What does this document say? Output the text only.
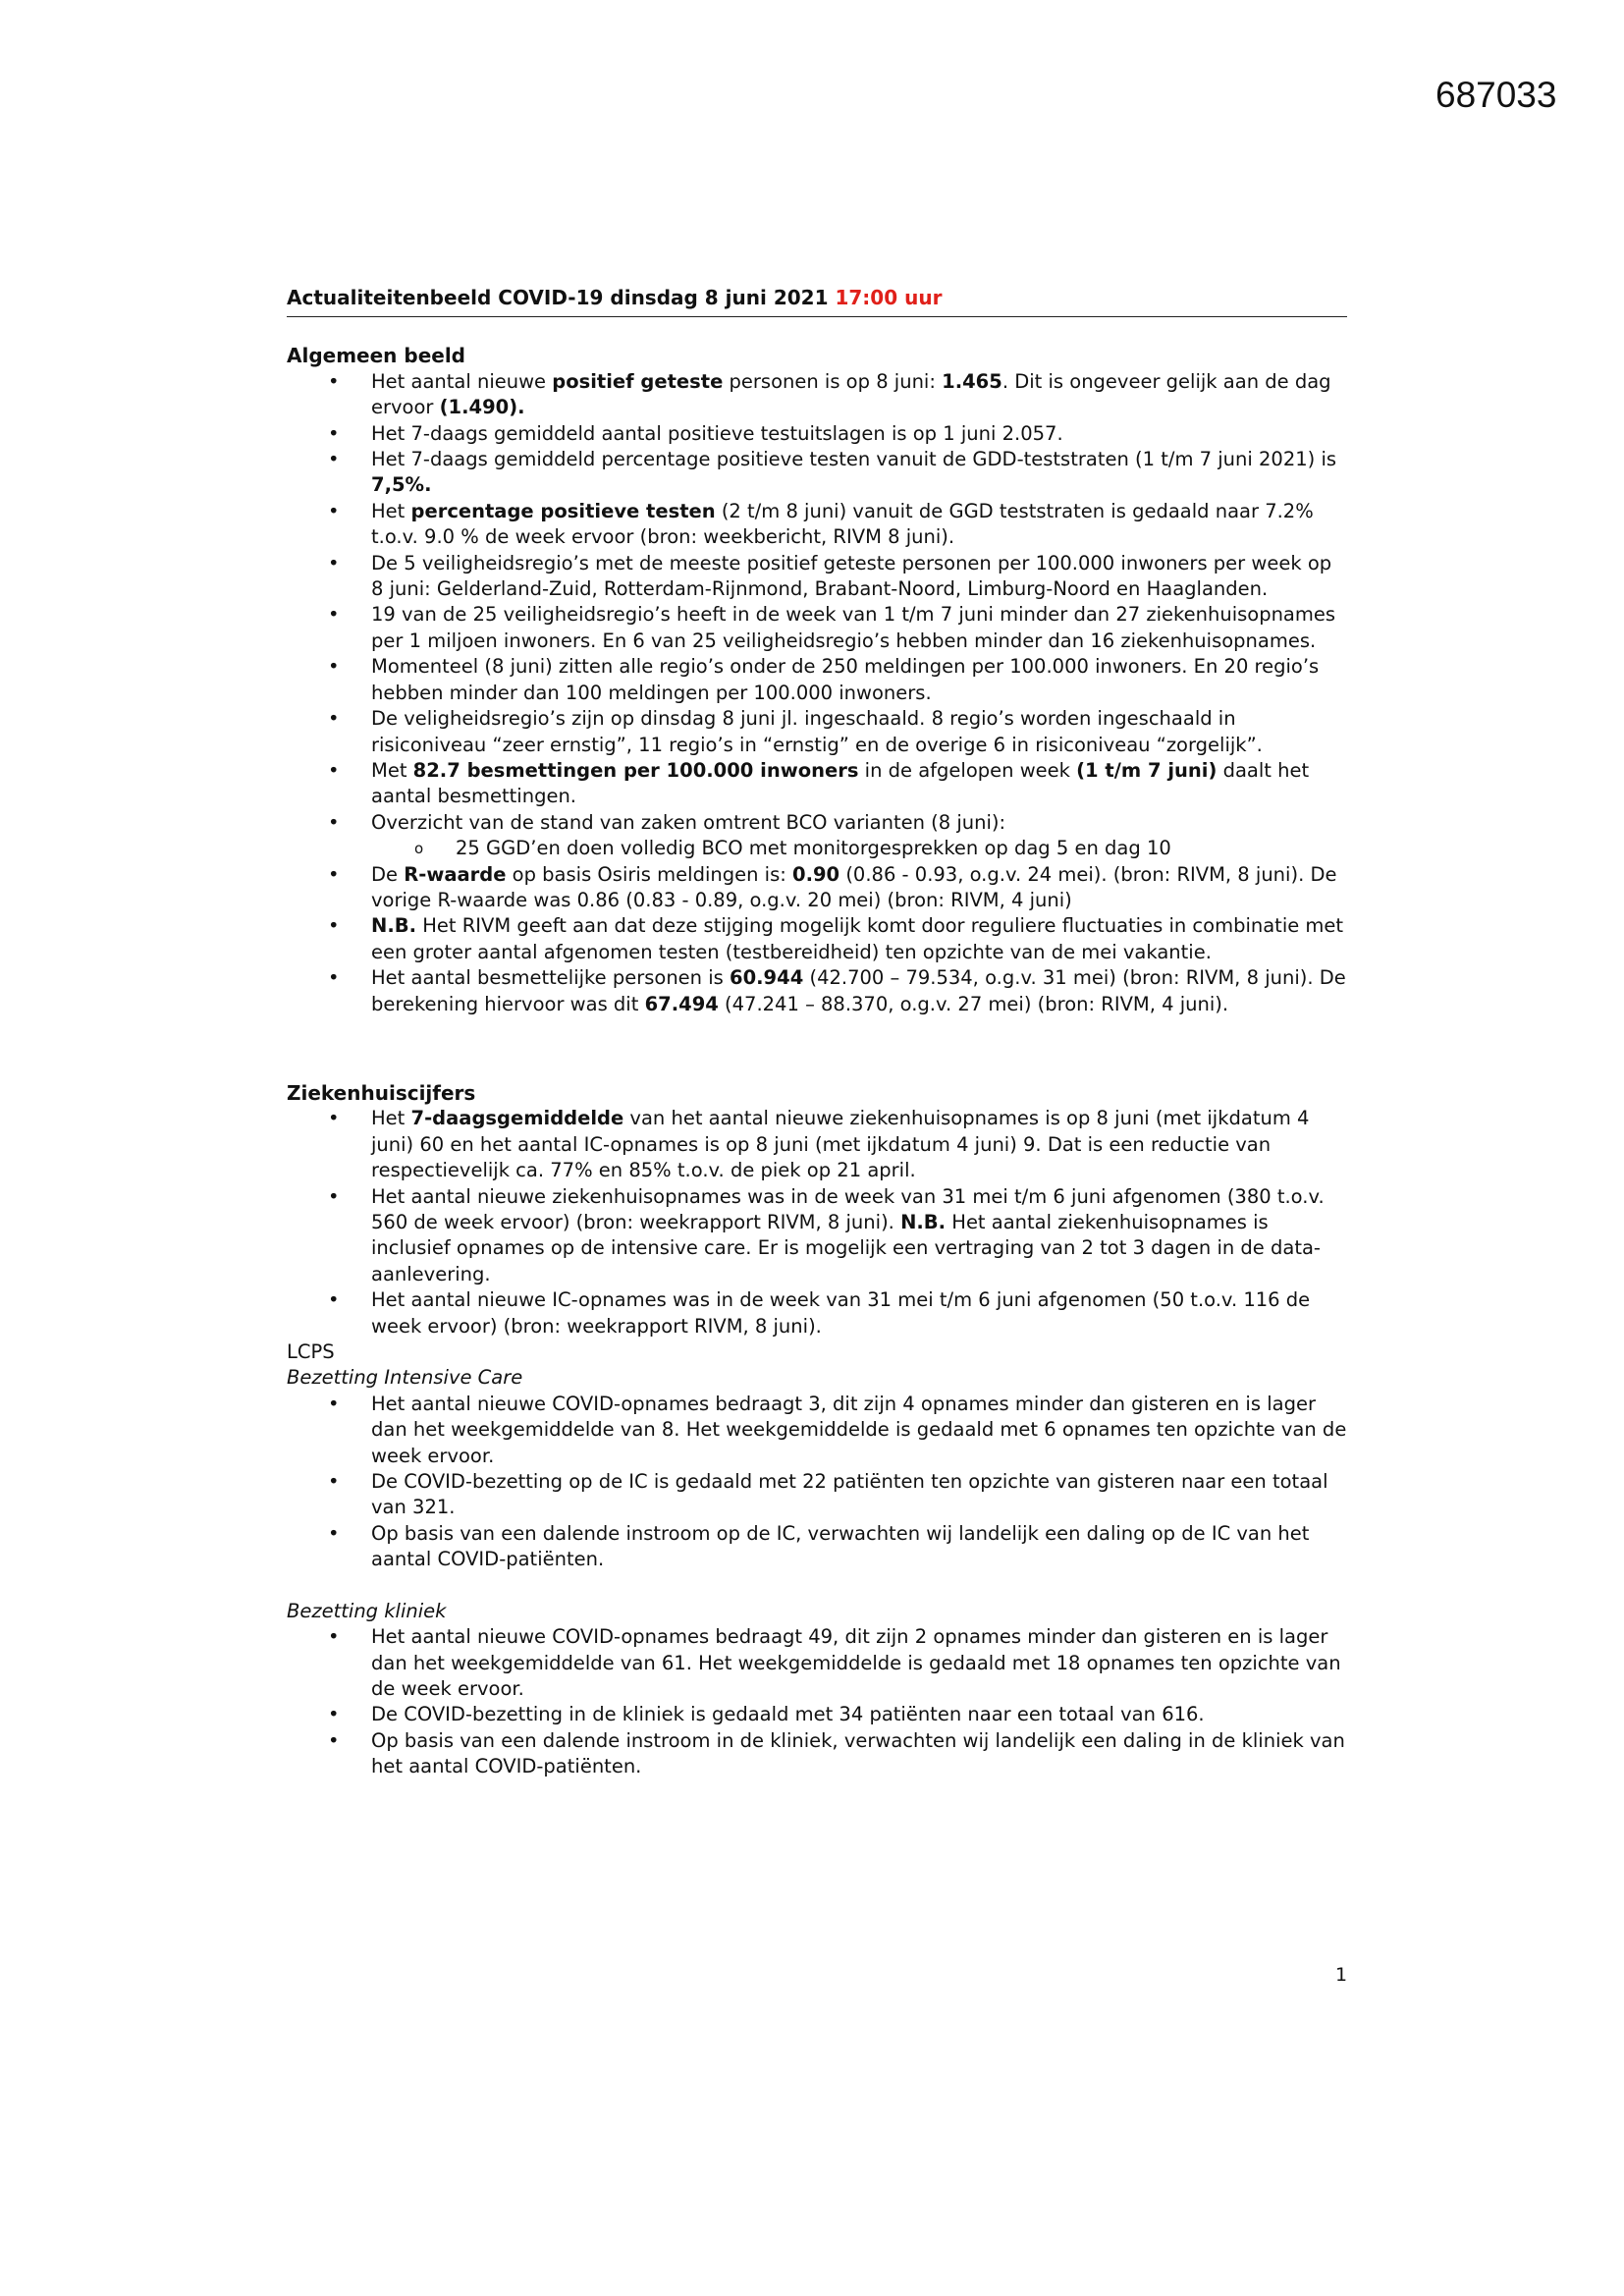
687033
Actualiteitenbeeld COVID-19 dinsdag 8 juni 2021 17:00 uur
Algemeen beeld
• Het aantal nieuwe positief geteste personen is op 8 juni: 1.465. Dit is ongeveer gelijk aan de dag ervoor (1.490).
• Het 7-daags gemiddeld aantal positieve testuitslagen is op 1 juni 2.057.
• Het 7-daags gemiddeld percentage positieve testen vanuit de GDD-teststraten (1 t/m 7 juni 2021) is 7,5%.
• Het percentage positieve testen (2 t/m 8 juni) vanuit de GGD teststraten is gedaald naar 7.2% t.o.v. 9.0 % de week ervoor (bron: weekbericht, RIVM 8 juni).
• De 5 veiligheidsregio’s met de meeste positief geteste personen per 100.000 inwoners per week op 8 juni: Gelderland-Zuid, Rotterdam-Rijnmond, Brabant-Noord, Limburg-Noord en Haaglanden.
• 19 van de 25 veiligheidsregio’s heeft in de week van 1 t/m 7 juni minder dan 27 ziekenhuisopnames per 1 miljoen inwoners. En 6 van 25 veiligheidsregio’s hebben minder dan 16 ziekenhuisopnames.
• Momenteel (8 juni) zitten alle regio’s onder de 250 meldingen per 100.000 inwoners. En 20 regio’s hebben minder dan 100 meldingen per 100.000 inwoners.
• De veligheidsregio’s zijn op dinsdag 8 juni jl. ingeschaald. 8 regio’s worden ingeschaald in risiconiveau “zeer ernstig”, 11 regio’s in “ernstig” en de overige 6 in risiconiveau “zorgelijk”.
• Met 82.7 besmettingen per 100.000 inwoners in de afgelopen week (1 t/m 7 juni) daalt het aantal besmettingen.
• Overzicht van de stand van zaken omtrent BCO varianten (8 juni):
o 25 GGD’en doen volledig BCO met monitorgesprekken op dag 5 en dag 10
• De R-waarde op basis Osiris meldingen is: 0.90 (0.86 - 0.93, o.g.v. 24 mei). (bron: RIVM, 8 juni). De vorige R-waarde was 0.86 (0.83 - 0.89, o.g.v. 20 mei) (bron: RIVM, 4 juni)
• N.B. Het RIVM geeft aan dat deze stijging mogelijk komt door reguliere fluctuaties in combinatie met een groter aantal afgenomen testen (testbereidheid) ten opzichte van de mei vakantie.
• Het aantal besmettelijke personen is 60.944 (42.700 – 79.534, o.g.v. 31 mei) (bron: RIVM, 8 juni). De berekening hiervoor was dit 67.494 (47.241 – 88.370, o.g.v. 27 mei) (bron: RIVM, 4 juni).
Ziekenhuiscijfers
• Het 7-daagsgemiddelde van het aantal nieuwe ziekenhuisopnames is op 8 juni (met ijkdatum 4 juni) 60 en het aantal IC-opnames is op 8 juni (met ijkdatum 4 juni) 9. Dat is een reductie van respectievelijk ca. 77% en 85% t.o.v. de piek op 21 april.
• Het aantal nieuwe ziekenhuisopnames was in de week van 31 mei t/m 6 juni afgenomen (380 t.o.v. 560 de week ervoor) (bron: weekrapport RIVM, 8 juni). N.B. Het aantal ziekenhuisopnames is inclusief opnames op de intensive care. Er is mogelijk een vertraging van 2 tot 3 dagen in de data-aanlevering.
• Het aantal nieuwe IC-opnames was in de week van 31 mei t/m 6 juni afgenomen (50 t.o.v. 116 de week ervoor) (bron: weekrapport RIVM, 8 juni).
LCPS
Bezetting Intensive Care
• Het aantal nieuwe COVID-opnames bedraagt 3, dit zijn 4 opnames minder dan gisteren en is lager dan het weekgemiddelde van 8. Het weekgemiddelde is gedaald met 6 opnames ten opzichte van de week ervoor.
• De COVID-bezetting op de IC is gedaald met 22 patiënten ten opzichte van gisteren naar een totaal van 321.
• Op basis van een dalende instroom op de IC, verwachten wij landelijk een daling op de IC van het aantal COVID-patiënten.
Bezetting kliniek
• Het aantal nieuwe COVID-opnames bedraagt 49, dit zijn 2 opnames minder dan gisteren en is lager dan het weekgemiddelde van 61. Het weekgemiddelde is gedaald met 18 opnames ten opzichte van de week ervoor.
• De COVID-bezetting in de kliniek is gedaald met 34 patiënten naar een totaal van 616.
• Op basis van een dalende instroom in de kliniek, verwachten wij landelijk een daling in de kliniek van het aantal COVID-patiënten.
1
